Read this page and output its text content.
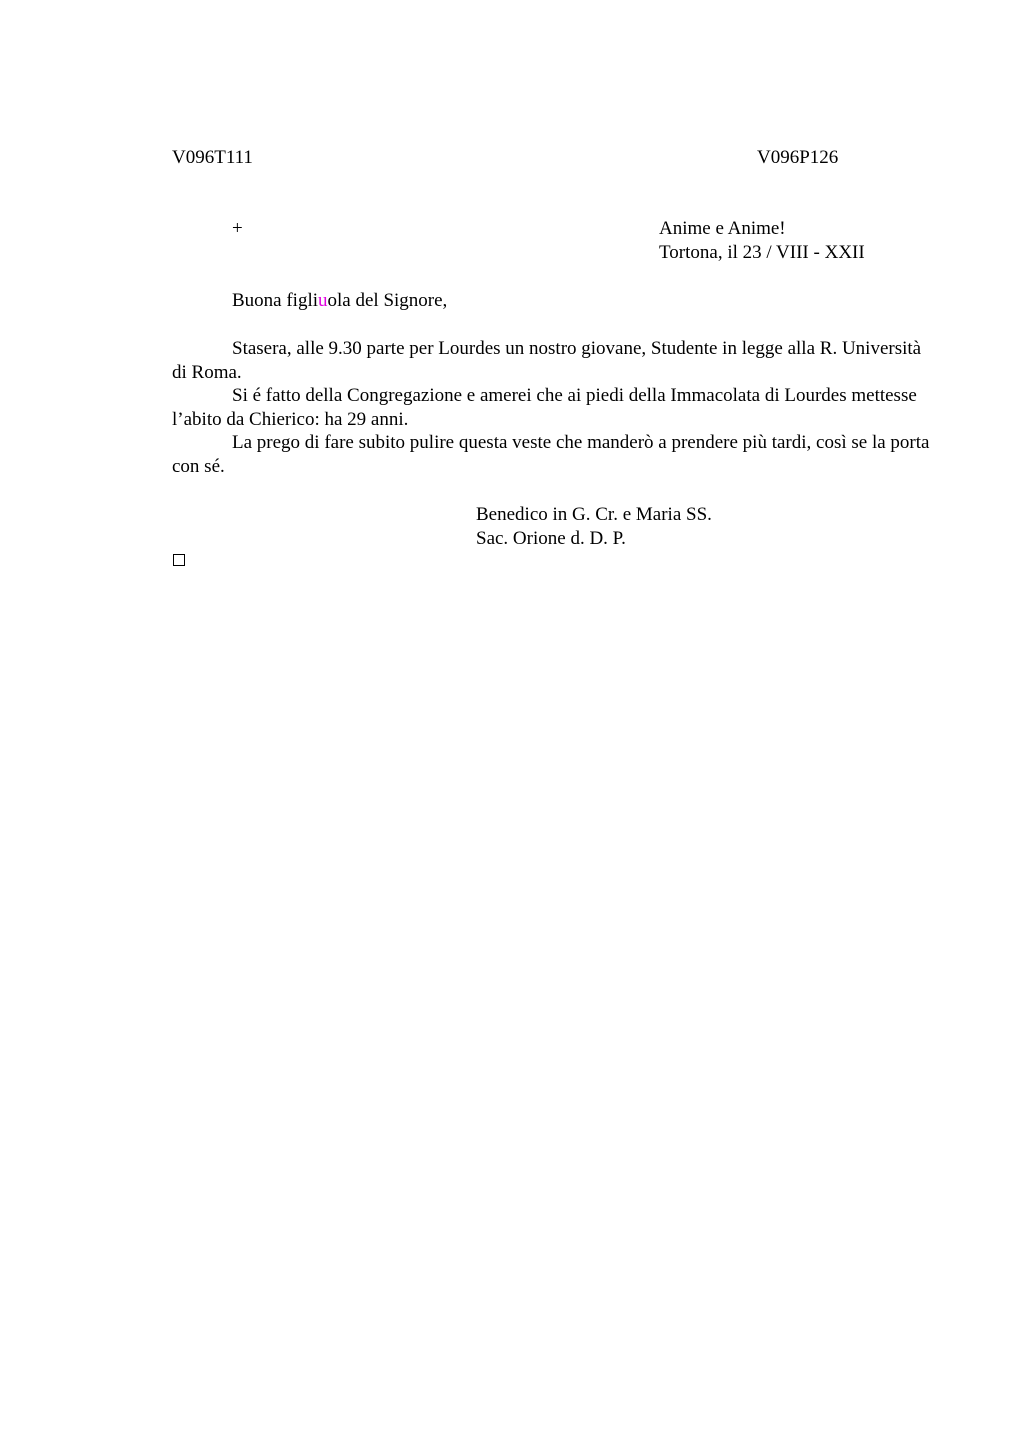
V096T111	V096P126
+	Anime e Anime!
Tortona, il 23 / VIII - XXII
Buona figliuola del Signore,

Stasera, alle 9.30 parte per Lourdes un nostro giovane, Studente in legge alla R. Università di Roma.

Si é fatto della Congregazione e amerei che ai piedi della Immacolata di Lourdes mettesse l’abito da Chierico: ha 29 anni.

La prego di fare subito pulire questa veste che manderò a prendere più tardi, così se la porta con sé.

Benedico in G. Cr. e Maria SS.
Sac. Orione d. D. P.
